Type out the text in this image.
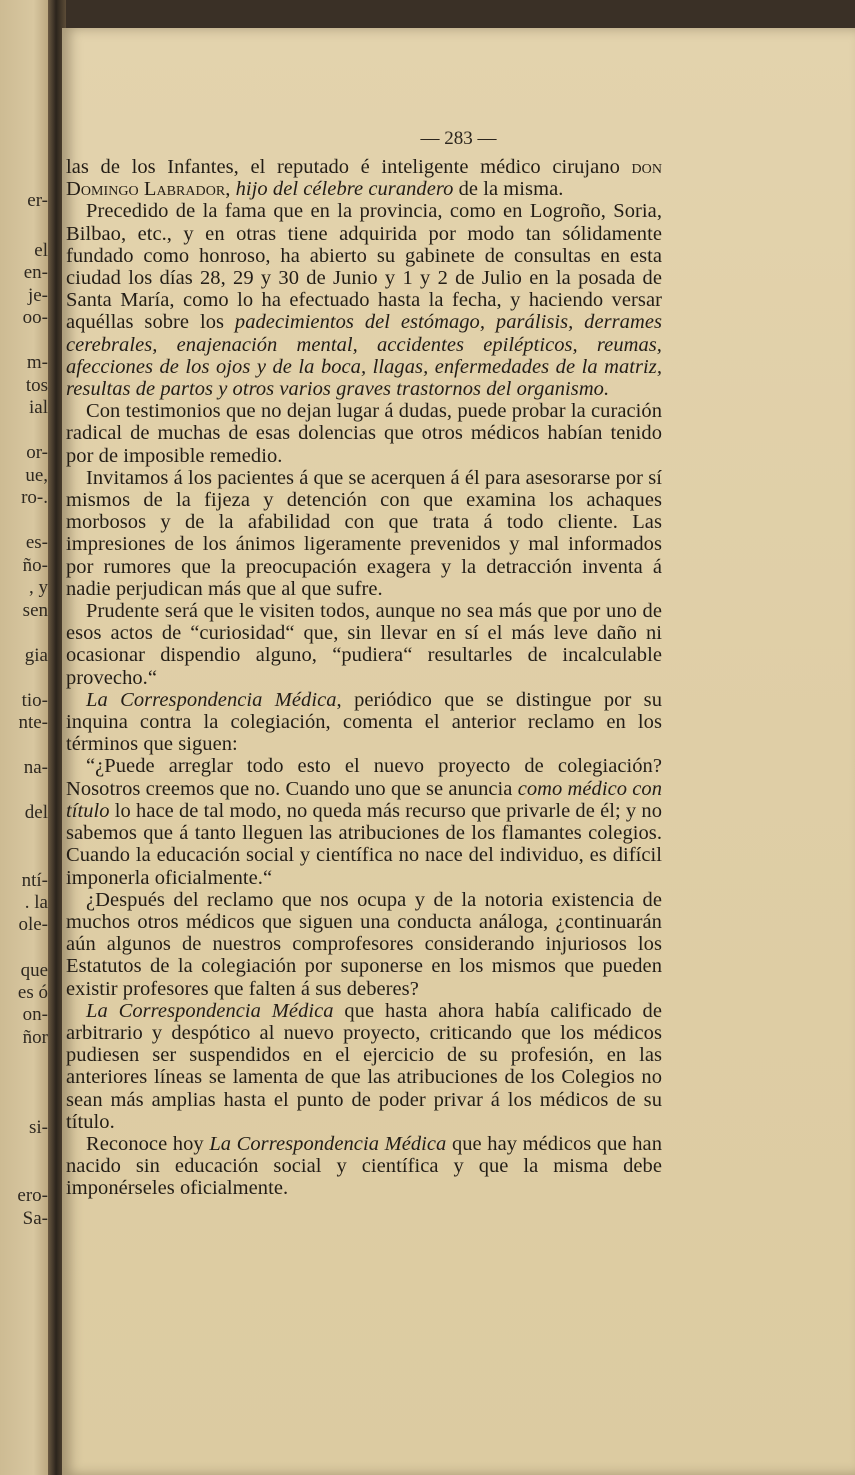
er-
el
en-
je-
oo-
m-
tos
ial
or-
ue,
ro-.
es-
ño-
, y
sen
gia
tio-
nte-
na-
del
ntí-
. la
ole-
que
es ó
on-
ñor
si-
ero-
Sa-
— 283 —

las de los Infantes, el reputado é inteligente médico cirujano don Domingo Labrador, hijo del célebre curandero de la misma.

Precedido de la fama que en la provincia, como en Logroño, Soria, Bilbao, etc., y en otras tiene adquirida por modo tan sólidamente fundado como honroso, ha abierto su gabinete de consultas en esta ciudad los días 28, 29 y 30 de Junio y 1 y 2 de Julio en la posada de Santa María, como lo ha efectuado hasta la fecha, y haciendo versar aquéllas sobre los padecimientos del estómago, parálisis, derrames cerebrales, enajenación mental, accidentes epilépticos, reumas, afecciones de los ojos y de la boca, llagas, enfermedades de la matriz, resultas de partos y otros varios graves trastornos del organismo.

Con testimonios que no dejan lugar á dudas, puede probar la curación radical de muchas de esas dolencias que otros médicos habían tenido por de imposible remedio.

Invitamos á los pacientes á que se acerquen á él para asesorarse por sí mismos de la fijeza y detención con que examina los achaques morbosos y de la afabilidad con que trata á todo cliente. Las impresiones de los ánimos ligeramente prevenidos y mal informados por rumores que la preocupación exagera y la detracción inventa á nadie perjudican más que al que sufre.

Prudente será que le visiten todos, aunque no sea más que por uno de esos actos de “curiosidad“ que, sin llevar en sí el más leve daño ni ocasionar dispendio alguno, “pudiera“ resultarles de incalculable provecho.“

La Correspondencia Médica, periódico que se distingue por su inquina contra la colegiación, comenta el anterior reclamo en los términos que siguen:

“¿Puede arreglar todo esto el nuevo proyecto de colegiación? Nosotros creemos que no. Cuando uno que se anuncia como médico con título lo hace de tal modo, no queda más recurso que privarle de él; y no sabemos que á tanto lleguen las atribuciones de los flamantes colegios. Cuando la educación social y científica no nace del individuo, es difícil imponerla oficialmente.“

¿Después del reclamo que nos ocupa y de la notoria existencia de muchos otros médicos que siguen una conducta análoga, ¿continuarán aún algunos de nuestros comprofesores considerando injuriosos los Estatutos de la colegiación por suponerse en los mismos que pueden existir profesores que falten á sus deberes?

La Correspondencia Médica que hasta ahora había calificado de arbitrario y despótico al nuevo proyecto, criticando que los médicos pudiesen ser suspendidos en el ejercicio de su profesión, en las anteriores líneas se lamenta de que las atribuciones de los Colegios no sean más amplias hasta el punto de poder privar á los médicos de su título.

Reconoce hoy La Correspondencia Médica que hay médicos que han nacido sin educación social y científica y que la misma debe imponérseles oficialmente.
